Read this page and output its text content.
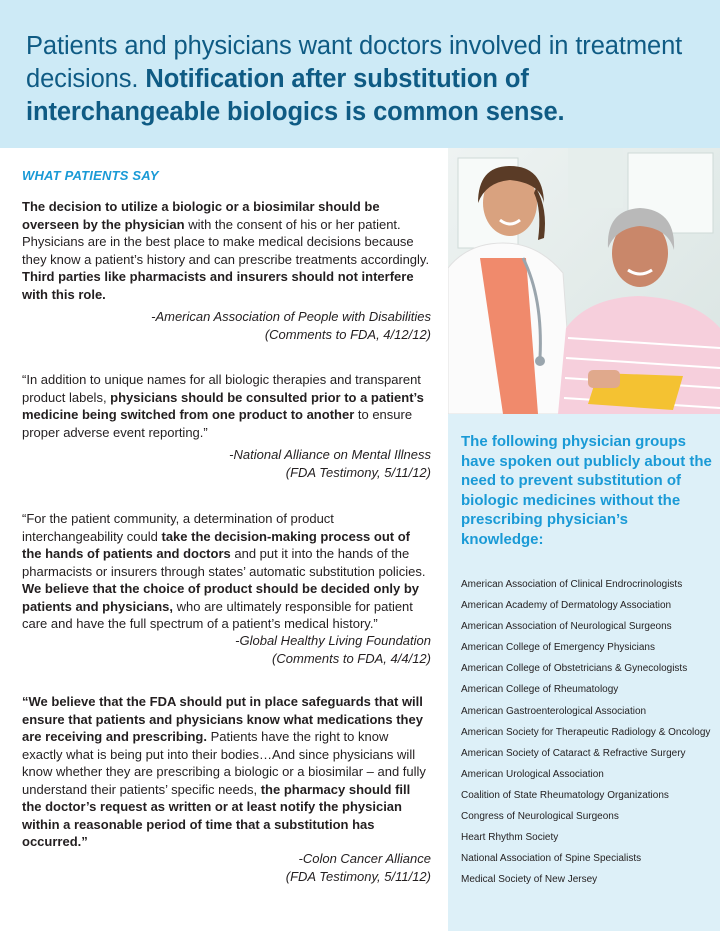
Patients and physicians want doctors involved in treatment decisions. Notification after substitution of interchangeable biologics is common sense.
WHAT PATIENTS SAY
The decision to utilize a biologic or a biosimilar should be overseen by the physician with the consent of his or her patient. Physicians are in the best place to make medical decisions because they know a patient’s history and can prescribe treatments accordingly. Third parties like pharmacists and insurers should not interfere with this role.
-American Association of People with Disabilities
(Comments to FDA, 4/12/12)
“In addition to unique names for all biologic therapies and transparent product labels, physicians should be consulted prior to a patient’s medicine being switched from one product to another to ensure proper adverse event reporting.”
-National Alliance on Mental Illness
(FDA Testimony, 5/11/12)
“For the patient community, a determination of product interchangeability could take the decision-making process out of the hands of patients and doctors and put it into the hands of the pharmacists or insurers through states’ automatic substitution policies. We believe that the choice of product should be decided only by patients and physicians, who are ultimately responsible for patient care and have the full spectrum of a patient’s medical history.”
-Global Healthy Living Foundation
(Comments to FDA, 4/4/12)
“We believe that the FDA should put in place safeguards that will ensure that patients and physicians know what medications they are receiving and prescribing. Patients have the right to know exactly what is being put into their bodies…And since physicians will know whether they are prescribing a biologic or a biosimilar – and fully understand their patients’ specific needs, the pharmacy should fill the doctor’s request as written or at least notify the physician within a reasonable period of time that a substitution has occurred.”
-Colon Cancer Alliance
(FDA Testimony, 5/11/12)
The following physician groups have spoken out publicly about the need to prevent substitution of biologic medicines without the prescribing physician’s knowledge:
American Association of Clinical Endrocrinologists
American Academy of Dermatology Association
American Association of Neurological Surgeons
American College of Emergency Physicians
American College of Obstetricians & Gynecologists
American College of Rheumatology
American Gastroenterological Association
American Society for Therapeutic Radiology & Oncology
American Society of Cataract & Refractive Surgery
American Urological Association
Coalition of State Rheumatology Organizations
Congress of Neurological Surgeons
Heart Rhythm Society
National Association of Spine Specialists
Medical Society of New Jersey
